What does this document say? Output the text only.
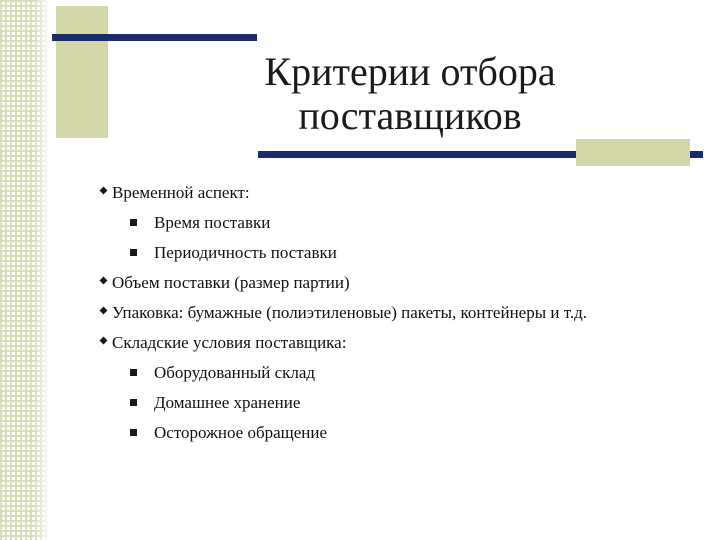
Критерии отбора
поставщиков
Временной аспект:
Время поставки
Периодичность поставки
Объем поставки (размер партии)
Упаковка: бумажные (полиэтиленовые) пакеты, контейнеры и т.д.
Складские условия поставщика:
Оборудованный склад
Домашнее хранение
Осторожное обращение
